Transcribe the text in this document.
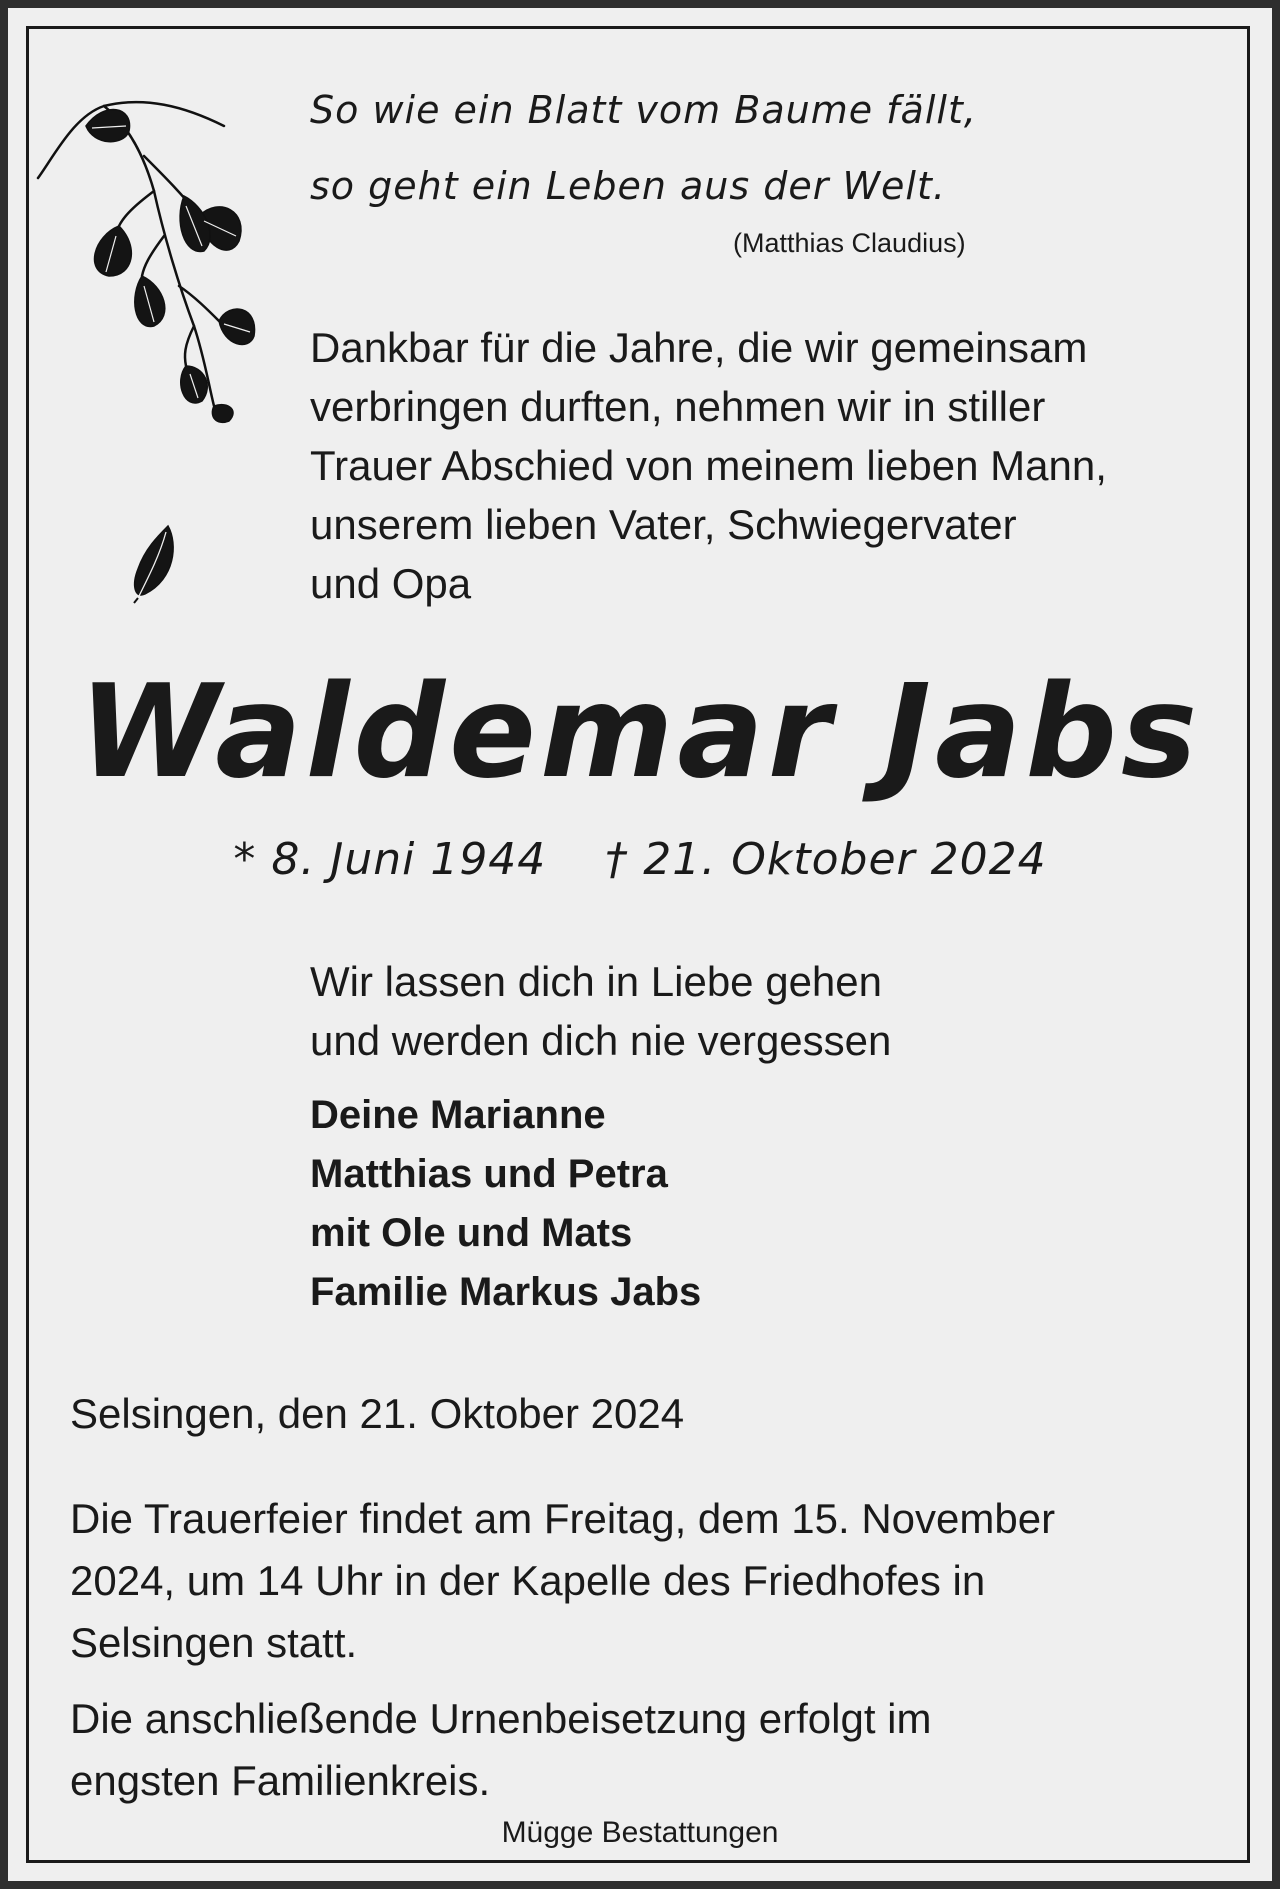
So wie ein Blatt vom Baume fällt,

so geht ein Leben aus der Welt.

(Matthias Claudius)

Dankbar für die Jahre, die wir gemeinsam
verbringen durften, nehmen wir in stiller
Trauer Abschied von meinem lieben Mann,
unserem lieben Vater, Schwiegervater
und Opa
Waldemar Jabs

* 8. Juni 1944 † 21. Oktober 2024

Wir lassen dich in Liebe gehen
und werden dich nie vergessen
Deine Marianne
Matthias und Petra
mit Ole und Mats
Familie Markus Jabs

Selsingen, den 21. Oktober 2024

Die Trauerfeier findet am Freitag, dem 15. November
2024, um 14 Uhr in der Kapelle des Friedhofes in
Selsingen statt.
Die anschließende Urnenbeisetzung erfolgt im
engsten Familienkreis.

Mügge Bestattungen
